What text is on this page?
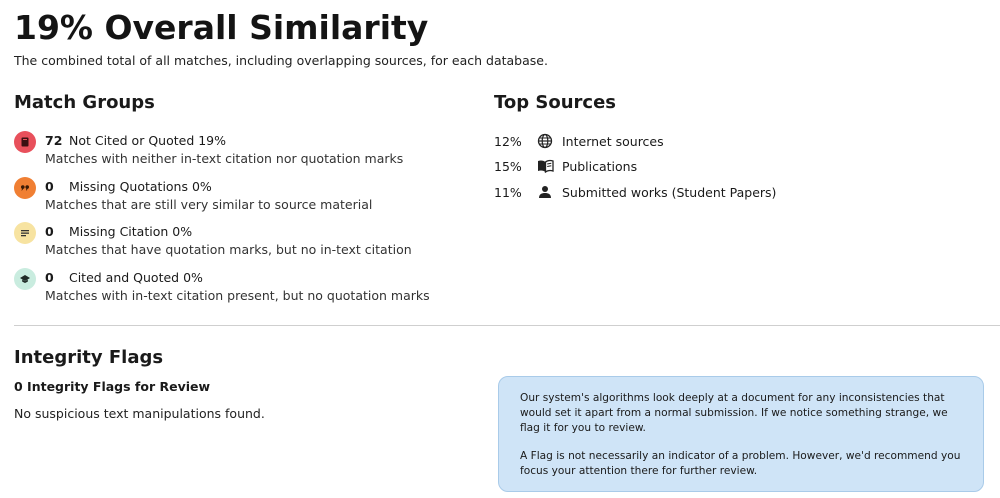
19% Overall Similarity
The combined total of all matches, including overlapping sources, for each database.
Match Groups
72 Not Cited or Quoted 19%
Matches with neither in-text citation nor quotation marks
0 Missing Quotations 0%
Matches that are still very similar to source material
0 Missing Citation 0%
Matches that have quotation marks, but no in-text citation
0 Cited and Quoted 0%
Matches with in-text citation present, but no quotation marks
Top Sources
12%	Internet sources
15%	Publications
11%	Submitted works (Student Papers)
Integrity Flags
0 Integrity Flags for Review
No suspicious text manipulations found.

Our system's algorithms look deeply at a document for any inconsistencies that would set it apart from a normal submission. If we notice something strange, we flag it for you to review.

A Flag is not necessarily an indicator of a problem. However, we'd recommend you focus your attention there for further review.
